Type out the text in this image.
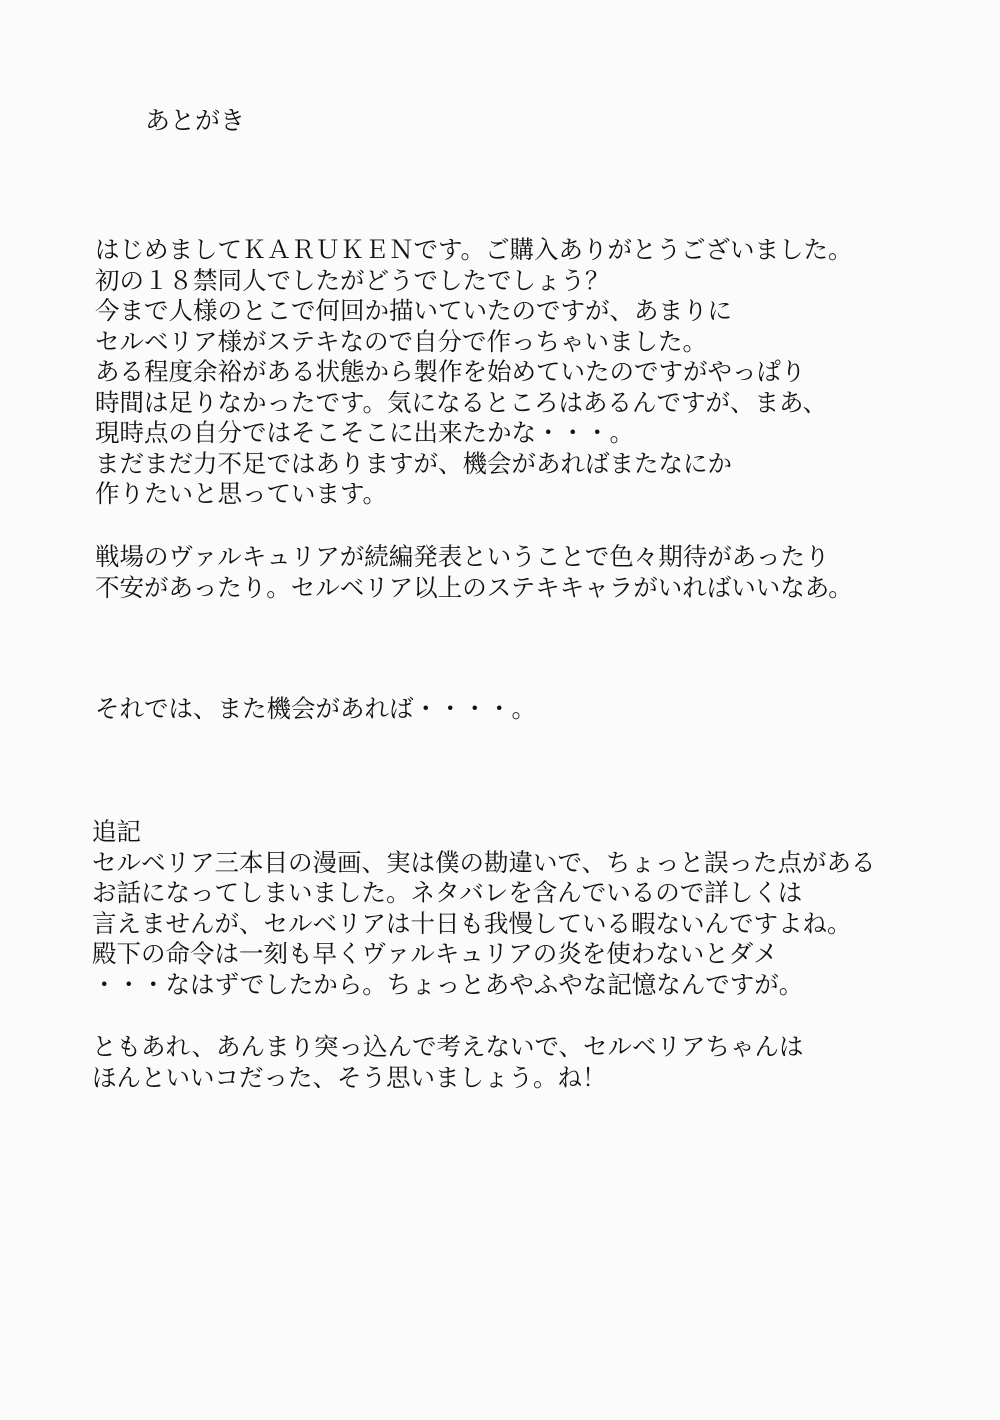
あとがき
はじめましてＫＡＲＵＫＥＮです。ご購入ありがとうございました。
初の１８禁同人でしたがどうでしたでしょう？
今まで人様のとこで何回か描いていたのですが、あまりに
セルベリア様がステキなので自分で作っちゃいました。
ある程度余裕がある状態から製作を始めていたのですがやっぱり
時間は足りなかったです。気になるところはあるんですが、まあ、
現時点の自分ではそこそこに出来たかな・・・。
まだまだ力不足ではありますが、機会があればまたなにか
作りたいと思っています。
戦場のヴァルキュリアが続編発表ということで色々期待があったり
不安があったり。セルベリア以上のステキキャラがいればいいなあ。
それでは、また機会があれば・・・・。
追記
セルベリア三本目の漫画、実は僕の勘違いで、ちょっと誤った点がある
お話になってしまいました。ネタバレを含んでいるので詳しくは
言えませんが、セルベリアは十日も我慢している暇ないんですよね。
殿下の命令は一刻も早くヴァルキュリアの炎を使わないとダメ
・・・なはずでしたから。ちょっとあやふやな記憶なんですが。
ともあれ、あんまり突っ込んで考えないで、セルベリアちゃんは
ほんといいコだった、そう思いましょう。ね！
